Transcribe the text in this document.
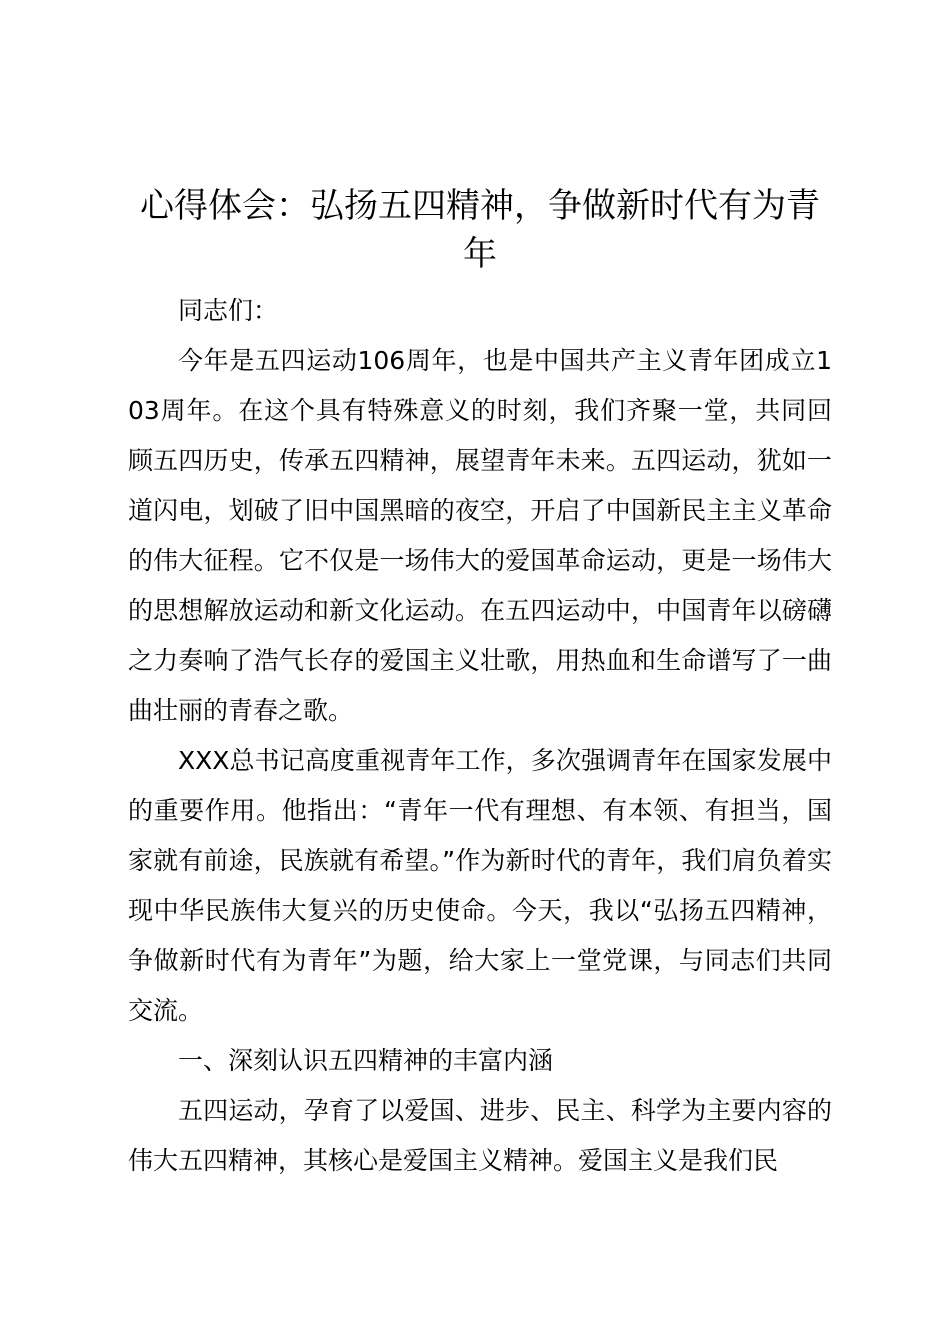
心得体会：弘扬五四精神，争做新时代有为青年

同志们：

今年是五四运动106周年，也是中国共产主义青年团成立103周年。在这个具有特殊意义的时刻，我们齐聚一堂，共同回顾五四历史，传承五四精神，展望青年未来。五四运动，犹如一道闪电，划破了旧中国黑暗的夜空，开启了中国新民主主义革命的伟大征程。它不仅是一场伟大的爱国革命运动，更是一场伟大的思想解放运动和新文化运动。在五四运动中，中国青年以磅礴之力奏响了浩气长存的爱国主义壮歌，用热血和生命谱写了一曲曲壮丽的青春之歌。

XXX总书记高度重视青年工作，多次强调青年在国家发展中的重要作用。他指出：“青年一代有理想、有本领、有担当，国家就有前途，民族就有希望。”作为新时代的青年，我们肩负着实现中华民族伟大复兴的历史使命。今天，我以“弘扬五四精神，争做新时代有为青年”为题，给大家上一堂党课，与同志们共同交流。

一、深刻认识五四精神的丰富内涵

五四运动，孕育了以爱国、进步、民主、科学为主要内容的伟大五四精神，其核心是爱国主义精神。爱国主义是我们民
